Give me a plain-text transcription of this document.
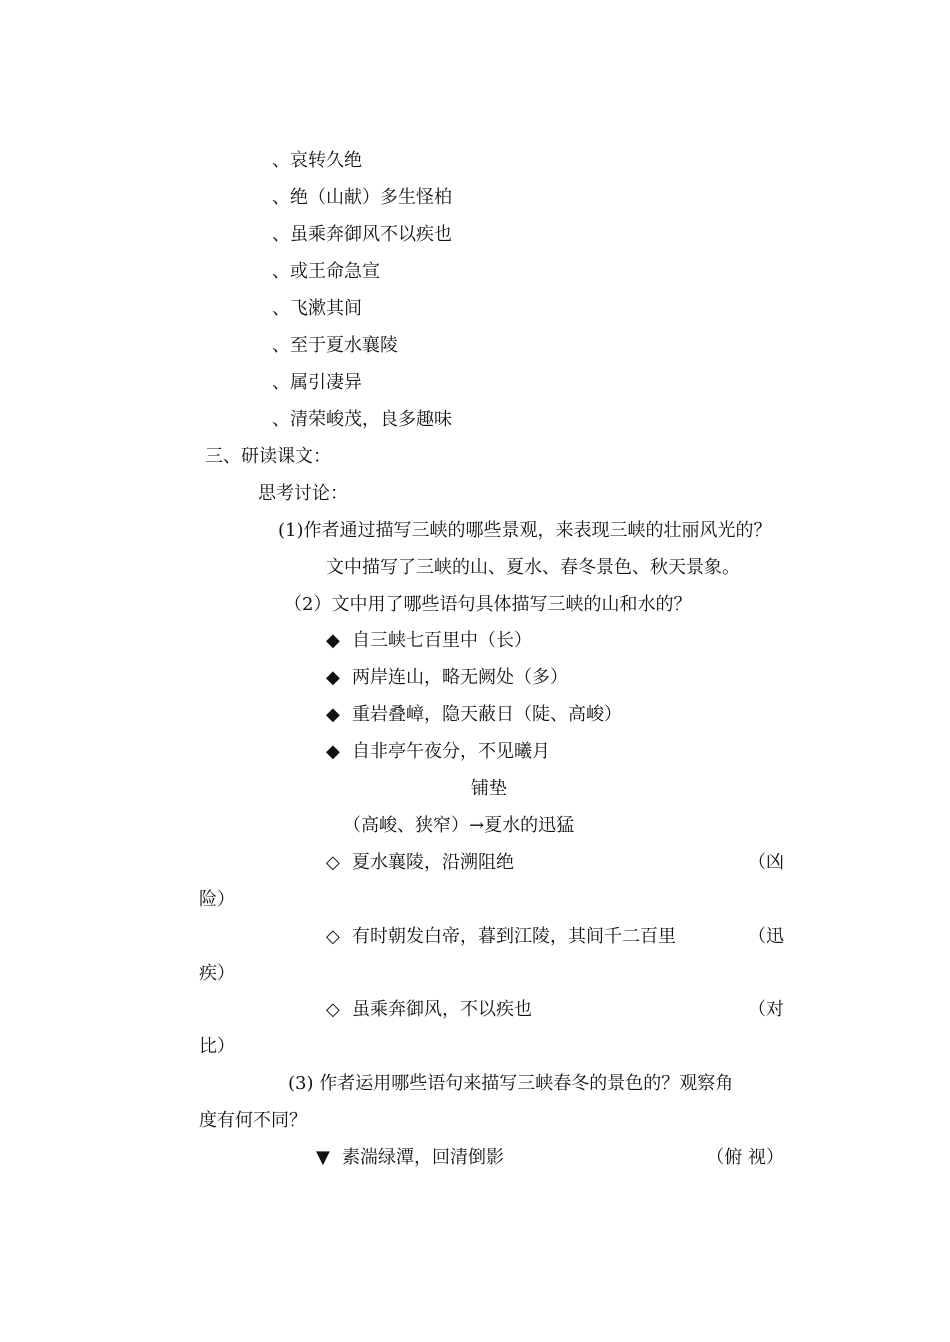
、哀转久绝
、绝（山献）多生怪柏
、虽乘奔御风不以疾也
、或王命急宣
、飞漱其间
、至于夏水襄陵
、属引凄异
、清荣峻茂，良多趣味
三、研读课文：
思考讨论：
(1)作者通过描写三峡的哪些景观，来表现三峡的壮丽风光的？
文中描写了三峡的山、夏水、春冬景色、秋天景象。
（2）文中用了哪些语句具体描写三峡的山和水的？
◆ 自三峡七百里中（长）
◆ 两岸连山，略无阙处（多）
◆ 重岩叠嶂，隐天蔽日（陡、高峻）
◆ 自非亭午夜分，不见曦月
铺垫
（高峻、狭窄）→夏水的迅猛
◇ 夏水襄陵，沿溯阻绝	（凶
险）
◇ 有时朝发白帝，暮到江陵，其间千二百里	（迅
疾）
◇ 虽乘奔御风，不以疾也	（对
比）
(3) 作者运用哪些语句来描写三峡春冬的景色的？观察角
度有何不同？
▼ 素湍绿潭，回清倒影	（俯 视）
